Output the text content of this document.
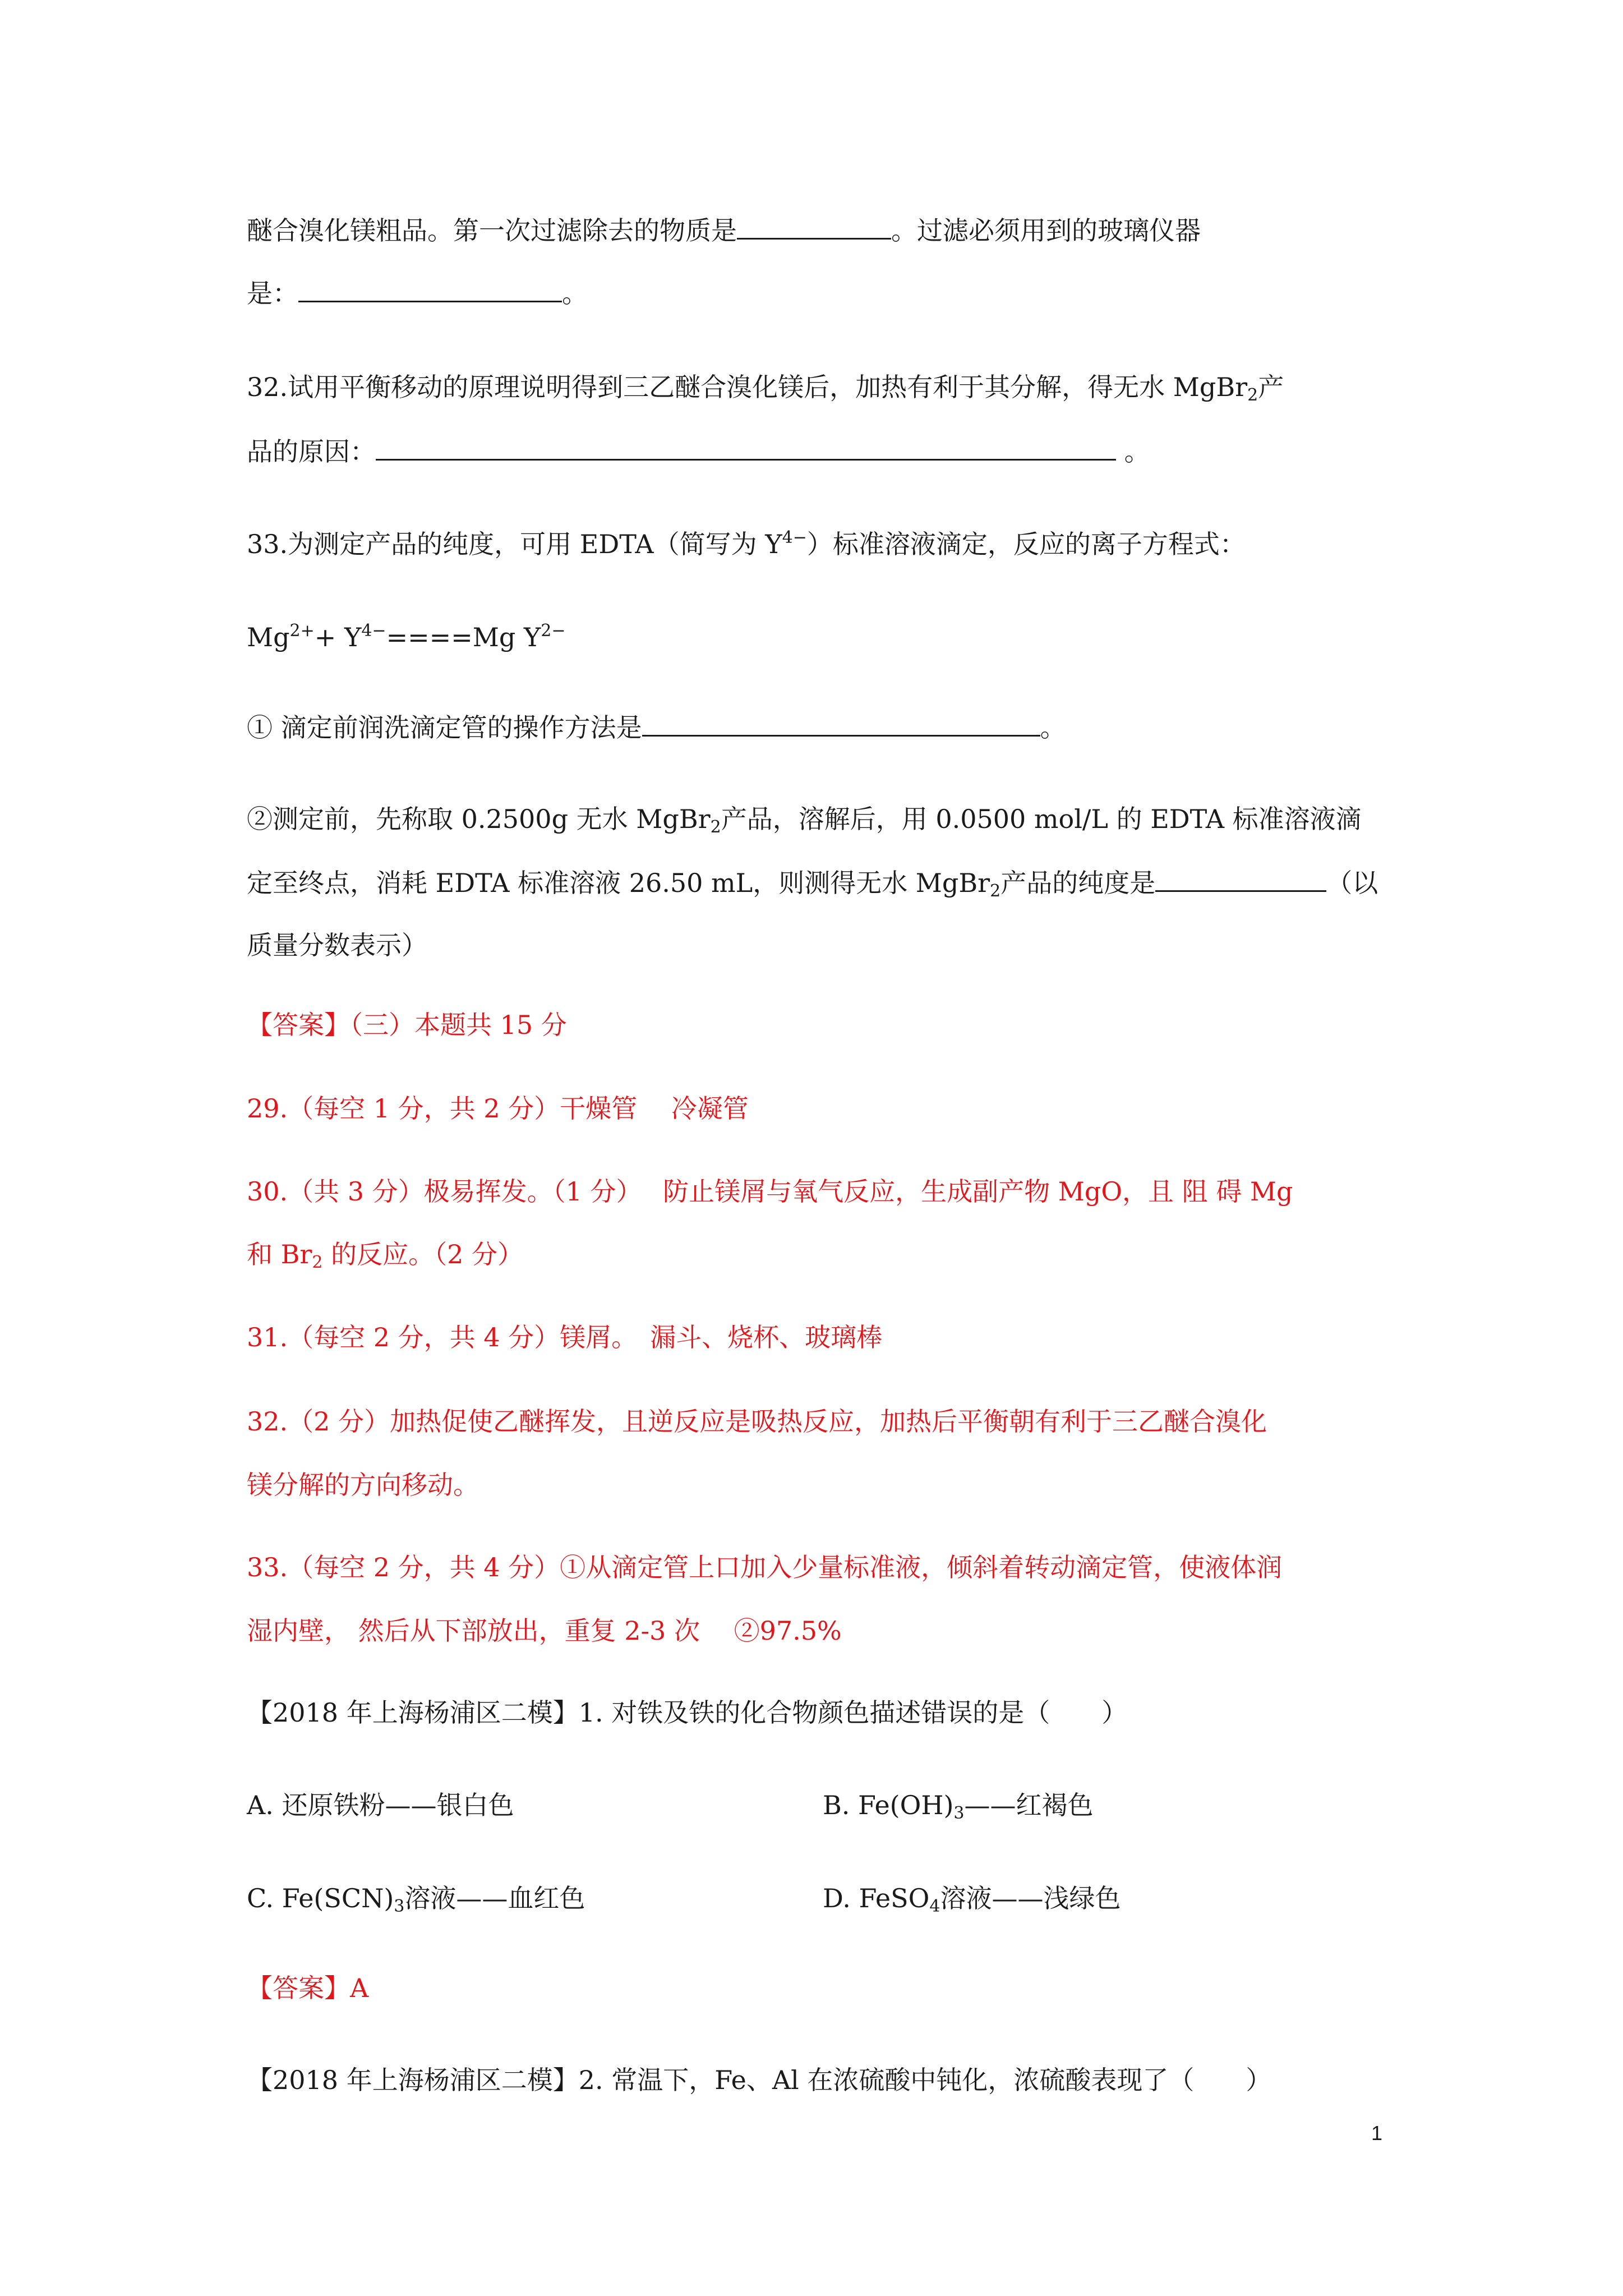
醚合溴化镁粗品。第一次过滤除去的物质是	。过滤必须用到的玻璃仪器
是：	。
32.试用平衡移动的原理说明得到三乙醚合溴化镁后，加热有利于其分解，得无水 MgBr$_2$产
品的原因：	。
33.为测定产品的纯度，可用 EDTA（简写为 $Y^{4-}$）标准溶液滴定，反应的离子方程式：
$Mg^{2+}+ Y^{4-}====Mg$ $Y^{2-}$
① 滴定前润洗滴定管的操作方法是	。
②测定前，先称取 0.2500g 无水 MgBr$_2$产品，溶解后，用 0.0500 mol/L 的 EDTA 标准溶液滴
定至终点，消耗 EDTA 标准溶液 26.50 mL，则测得无水 MgBr$_2$产品的纯度是	（以
质量分数表示）
【答案】（三）本题共 15 分
29.（每空 1 分，共 2 分）干燥管　 冷凝管
30.（共 3 分）极易挥发。（1 分）　 防止镁屑与氧气反应，生成副产物 MgO，且 阻 碍 Mg
和 $Br_2$ 的反应。（2 分）
31.（每空 2 分，共 4 分）镁屑。　漏斗、烧杯、玻璃棒
32.（2 分）加热促使乙醚挥发，且逆反应是吸热反应，加热后平衡朝有利于三乙醚合溴化
镁分解的方向移动。
33.（每空 2 分，共 4 分）①从滴定管上口加入少量标准液，倾斜着转动滴定管，使液体润
湿内壁， 然后从下部放出，重复 2-3 次　 ②97.5%
【2018 年上海杨浦区二模】1. 对铁及铁的化合物颜色描述错误的是（　　）
A. 还原铁粉——银白色	B. $Fe(OH)_3——$红褐色
C. $Fe(SCN)_3$溶液——血红色	D. FeSO$_4$溶液——浅绿色
【答案】A
【2018 年上海杨浦区二模】2. 常温下，Fe、Al 在浓硫酸中钝化，浓硫酸表现了（　　）
1
